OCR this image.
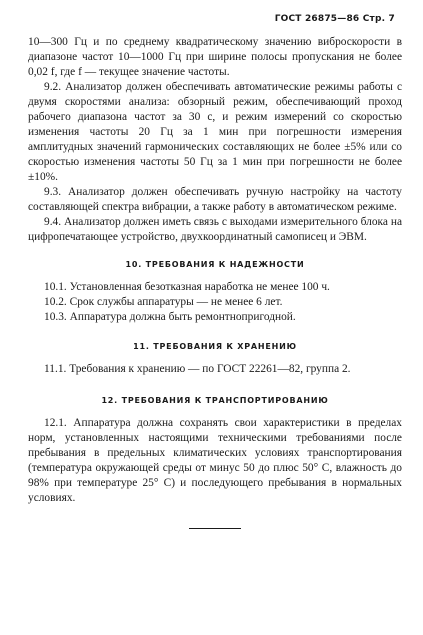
ГОСТ 26875—86 Стр. 7

10—300 Гц и по среднему квадратическому значению виброскорости в диапазоне частот 10—1000 Гц при ширине полосы пропускания не более 0,02 f, где f — текущее значение частоты.

9.2. Анализатор должен обеспечивать автоматические режимы работы с двумя скоростями анализа: обзорный режим, обеспечивающий проход рабочего диапазона частот за 30 с, и режим измерений со скоростью изменения частоты 20 Гц за 1 мин при погрешности измерения амплитудных значений гармонических составляющих не более ±5% или со скоростью изменения частоты 50 Гц за 1 мин при погрешности не более ±10%.

9.3. Анализатор должен обеспечивать ручную настройку на частоту составляющей спектра вибрации, а также работу в автоматическом режиме.

9.4. Анализатор должен иметь связь с выходами измерительного блока на цифропечатающее устройство, двухкоординатный самописец и ЭВМ.

10. ТРЕБОВАНИЯ К НАДЕЖНОСТИ

10.1. Установленная безотказная наработка не менее 100 ч.

10.2. Срок службы аппаратуры — не менее 6 лет.

10.3. Аппаратура должна быть ремонтнопригодной.

11. ТРЕБОВАНИЯ К ХРАНЕНИЮ

11.1. Требования к хранению — по ГОСТ 22261—82, группа 2.

12. ТРЕБОВАНИЯ К ТРАНСПОРТИРОВАНИЮ

12.1. Аппаратура должна сохранять свои характеристики в пределах норм, установленных настоящими техническими требованиями после пребывания в предельных климатических условиях транспортирования (температура окружающей среды от минус 50 до плюс 50° С, влажность до 98% при температуре 25° С) и последующего пребывания в нормальных условиях.
